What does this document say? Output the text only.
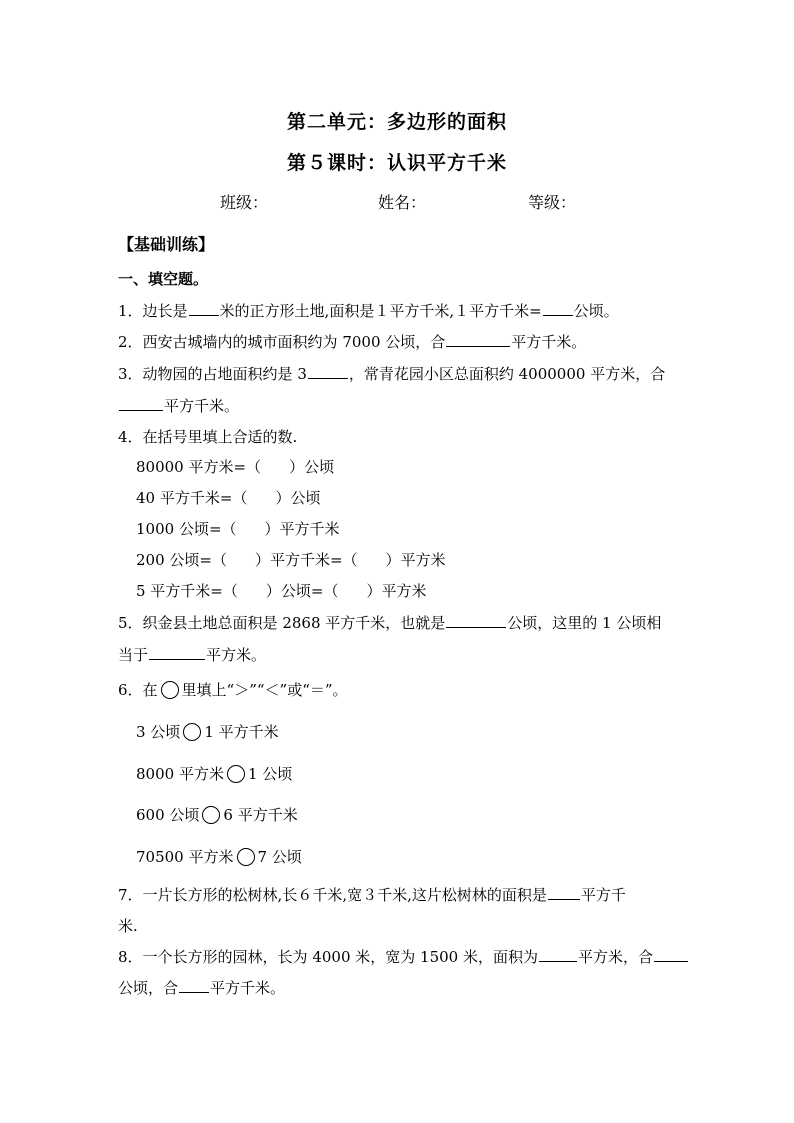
第二单元：多边形的面积
第５课时：认识平方千米
班级：	姓名：	等级：
【基础训练】
一、填空题。
1．边长是 米的正方形土地,面积是１平方千米,１平方千米= 公顷。
2．西安古城墙内的城市面积约为 7000 公顷，合	平方千米。
3．动物园的占地面积约是 3	，常青花园小区总面积约 4000000 平方米，合
平方千米。
4．在括号里填上合适的数.
80000 平方米=（ ）公顷
40 平方千米=（ ）公顷
1000 公顷=（ ）平方千米
200 公顷=（ ）平方千米=（ ）平方米
5 平方千米=（ ）公顷=（ ）平方米
5．织金县土地总面积是 2868 平方千米，也就是	公顷，这里的 1 公顷相
当于	平方米。
6．在 里填上“＞”“＜”或“＝”。
3 公顷 1 平方千米
8000 平方米 1 公顷
600 公顷 6 平方千米
70500 平方米 7 公顷
7．一片长方形的松树林,长６千米,宽３千米,这片松树林的面积是 平方千
米.
8．一个长方形的园林，长为 4000 米，宽为 1500 米，面积为	平方米，合
公顷，合 平方千米。
